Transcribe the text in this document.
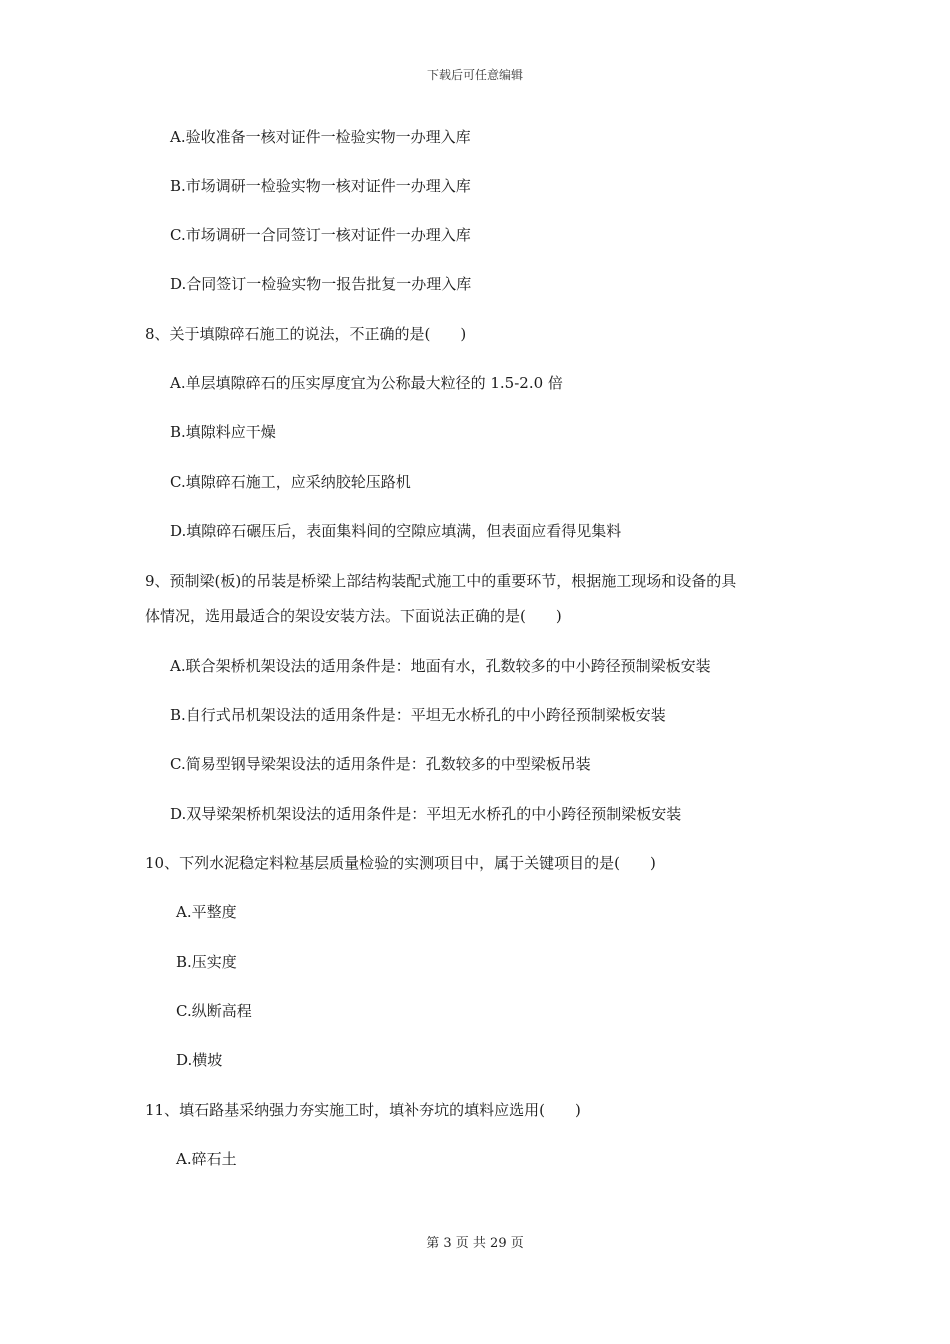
下载后可任意编辑
A.验收准备一核对证件一检验实物一办理入库
B.市场调研一检验实物一核对证件一办理入库
C.市场调研一合同签订一核对证件一办理入库
D.合同签订一检验实物一报告批复一办理入库
8、关于填隙碎石施工的说法，不正确的是(　　)
A.单层填隙碎石的压实厚度宜为公称最大粒径的 1.5-2.0 倍
B.填隙料应干燥
C.填隙碎石施工，应采纳胶轮压路机
D.填隙碎石碾压后，表面集料间的空隙应填满，但表面应看得见集料
9、预制梁(板)的吊装是桥梁上部结构装配式施工中的重要环节，根据施工现场和设备的具
体情况，选用最适合的架设安装方法。下面说法正确的是(　　)
A.联合架桥机架设法的适用条件是：地面有水，孔数较多的中小跨径预制梁板安装
B.自行式吊机架设法的适用条件是：平坦无水桥孔的中小跨径预制梁板安装
C.简易型钢导梁架设法的适用条件是：孔数较多的中型梁板吊装
D.双导梁架桥机架设法的适用条件是：平坦无水桥孔的中小跨径预制梁板安装
10、下列水泥稳定料粒基层质量检验的实测项目中，属于关键项目的是(　　)
A.平整度
B.压实度
C.纵断高程
D.横坡
11、填石路基采纳强力夯实施工时，填补夯坑的填料应选用(　　)
A.碎石土
第 3 页 共 29 页
